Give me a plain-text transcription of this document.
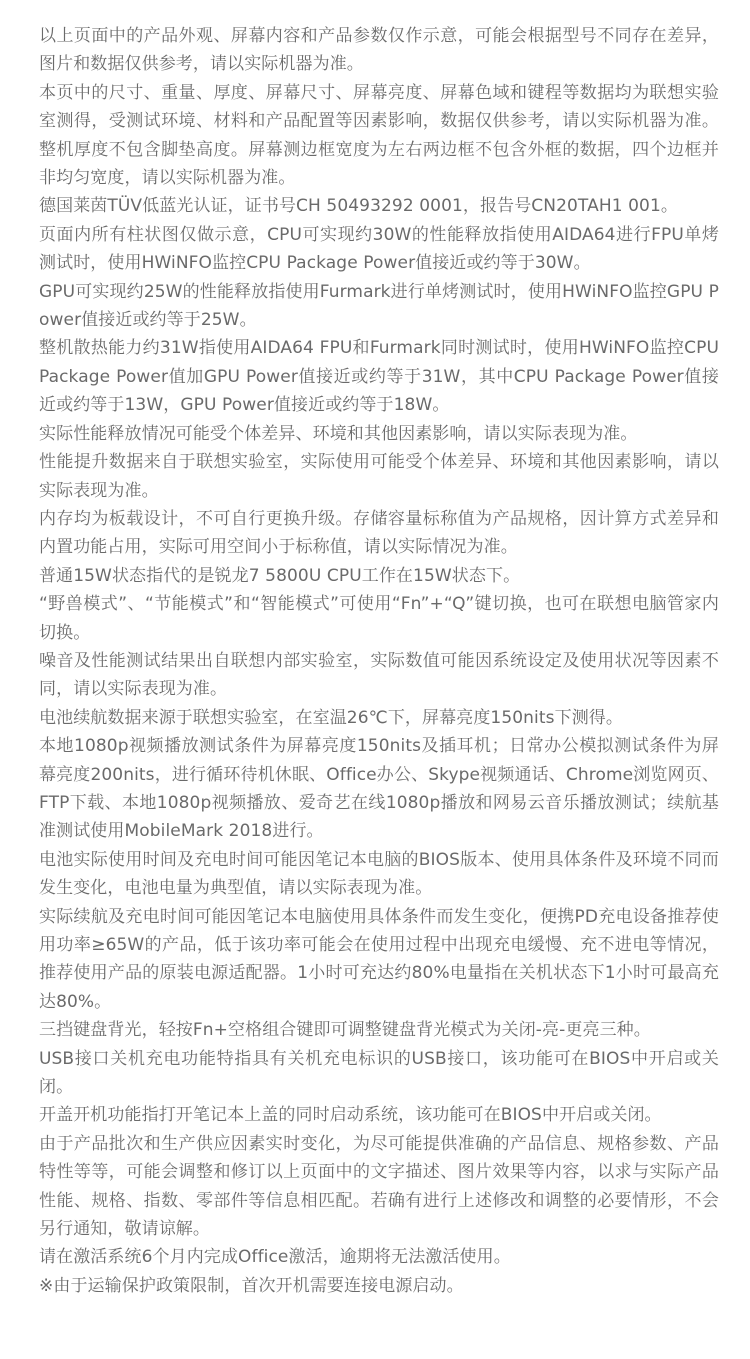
以上页面中的产品外观、屏幕内容和产品参数仅作示意，可能会根据型号不同存在差异，图片和数据仅供参考，请以实际机器为准。
本页中的尺寸、重量、厚度、屏幕尺寸、屏幕亮度、屏幕色域和键程等数据均为联想实验室测得，受测试环境、材料和产品配置等因素影响，数据仅供参考，请以实际机器为准。整机厚度不包含脚垫高度。屏幕测边框宽度为左右两边框不包含外框的数据，四个边框并非均匀宽度，请以实际机器为准。
德国莱茵TÜV低蓝光认证，证书号CH 50493292 0001，报告号CN20TAH1 001。
页面内所有柱状图仅做示意，CPU可实现约30W的性能释放指使用AIDA64进行FPU单烤测试时，使用HWiNFO监控CPU Package Power值接近或约等于30W。
GPU可实现约25W的性能释放指使用Furmark进行单烤测试时，使用HWiNFO监控GPU Power值接近或约等于25W。
整机散热能力约31W指使用AIDA64 FPU和Furmark同时测试时，使用HWiNFO监控CPU Package Power值加GPU Power值接近或约等于31W，其中CPU Package Power值接近或约等于13W，GPU Power值接近或约等于18W。
实际性能释放情况可能受个体差异、环境和其他因素影响，请以实际表现为准。
性能提升数据来自于联想实验室，实际使用可能受个体差异、环境和其他因素影响，请以实际表现为准。
内存均为板载设计，不可自行更换升级。存储容量标称值为产品规格，因计算方式差异和内置功能占用，实际可用空间小于标称值，请以实际情况为准。
普通15W状态指代的是锐龙7 5800U CPU工作在15W状态下。
“野兽模式”、“节能模式”和“智能模式”可使用“Fn”+“Q”键切换，也可在联想电脑管家内切换。
噪音及性能测试结果出自联想内部实验室，实际数值可能因系统设定及使用状况等因素不同，请以实际表现为准。
电池续航数据来源于联想实验室，在室温26℃下，屏幕亮度150nits下测得。
本地1080p视频播放测试条件为屏幕亮度150nits及插耳机；日常办公模拟测试条件为屏幕亮度200nits，进行循环待机休眠、Office办公、Skype视频通话、Chrome浏览网页、FTP下载、本地1080p视频播放、爱奇艺在线1080p播放和网易云音乐播放测试；续航基准测试使用MobileMark 2018进行。
电池实际使用时间及充电时间可能因笔记本电脑的BIOS版本、使用具体条件及环境不同而发生变化，电池电量为典型值，请以实际表现为准。
实际续航及充电时间可能因笔记本电脑使用具体条件而发生变化，便携PD充电设备推荐使用功率≥65W的产品，低于该功率可能会在使用过程中出现充电缓慢、充不进电等情况，推荐使用产品的原装电源适配器。1小时可充达约80%电量指在关机状态下1小时可最高充达80%。
三挡键盘背光，轻按Fn+空格组合键即可调整键盘背光模式为关闭-亮-更亮三种。
USB接口关机充电功能特指具有关机充电标识的USB接口，该功能可在BIOS中开启或关闭。
开盖开机功能指打开笔记本上盖的同时启动系统，该功能可在BIOS中开启或关闭。
由于产品批次和生产供应因素实时变化，为尽可能提供准确的产品信息、规格参数、产品特性等等，可能会调整和修订以上页面中的文字描述、图片效果等内容，以求与实际产品性能、规格、指数、零部件等信息相匹配。若确有进行上述修改和调整的必要情形，不会另行通知，敬请谅解。
请在激活系统6个月内完成Office激活，逾期将无法激活使用。
※由于运输保护政策限制，首次开机需要连接电源启动。
